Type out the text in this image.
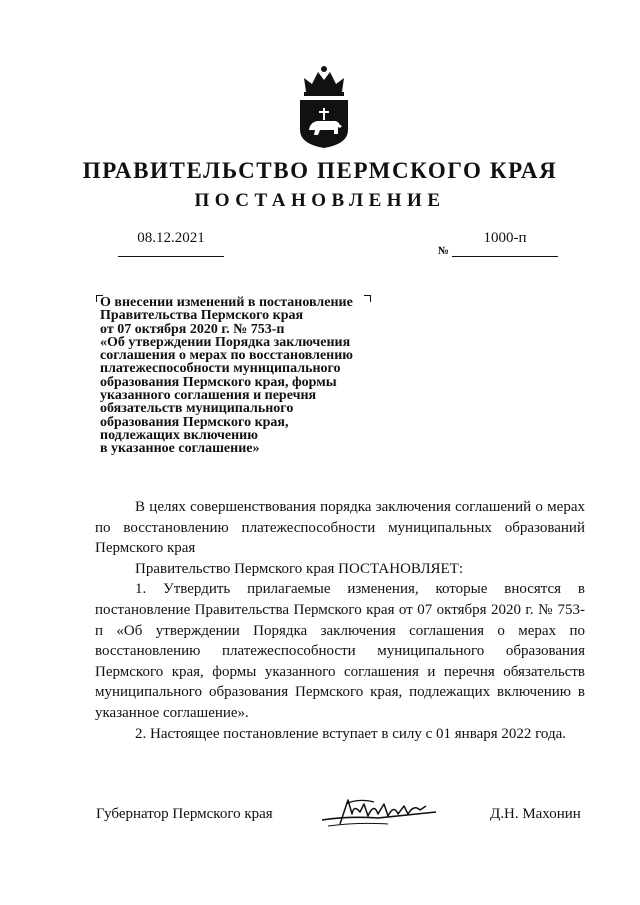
ПРАВИТЕЛЬСТВО ПЕРМСКОГО КРАЯ
ПОСТАНОВЛЕНИЕ
08.12.2021
№
1000-п
О внесении изменений в постановление
Правительства Пермского края
от 07 октября 2020 г. № 753-п
«Об утверждении Порядка заключения
соглашения о мерах по восстановлению
платежеспособности муниципального
образования Пермского края, формы
указанного соглашения и перечня
обязательств муниципального
образования Пермского края,
подлежащих включению
в указанное соглашение»

В целях совершенствования порядка заключения соглашений о мерах по восстановлению платежеспособности муниципальных образований Пермского края

Правительство Пермского края ПОСТАНОВЛЯЕТ:

1. Утвердить прилагаемые изменения, которые вносятся в постановление Правительства Пермского края от 07 октября 2020 г. № 753-п «Об утверждении Порядка заключения соглашения о мерах по восстановлению платежеспособности муниципального образования Пермского края, формы указанного соглашения и перечня обязательств муниципального образования Пермского края, подлежащих включению в указанное соглашение».

2. Настоящее постановление вступает в силу с 01 января 2022 года.

Губернатор Пермского края	Д.Н. Махонин
